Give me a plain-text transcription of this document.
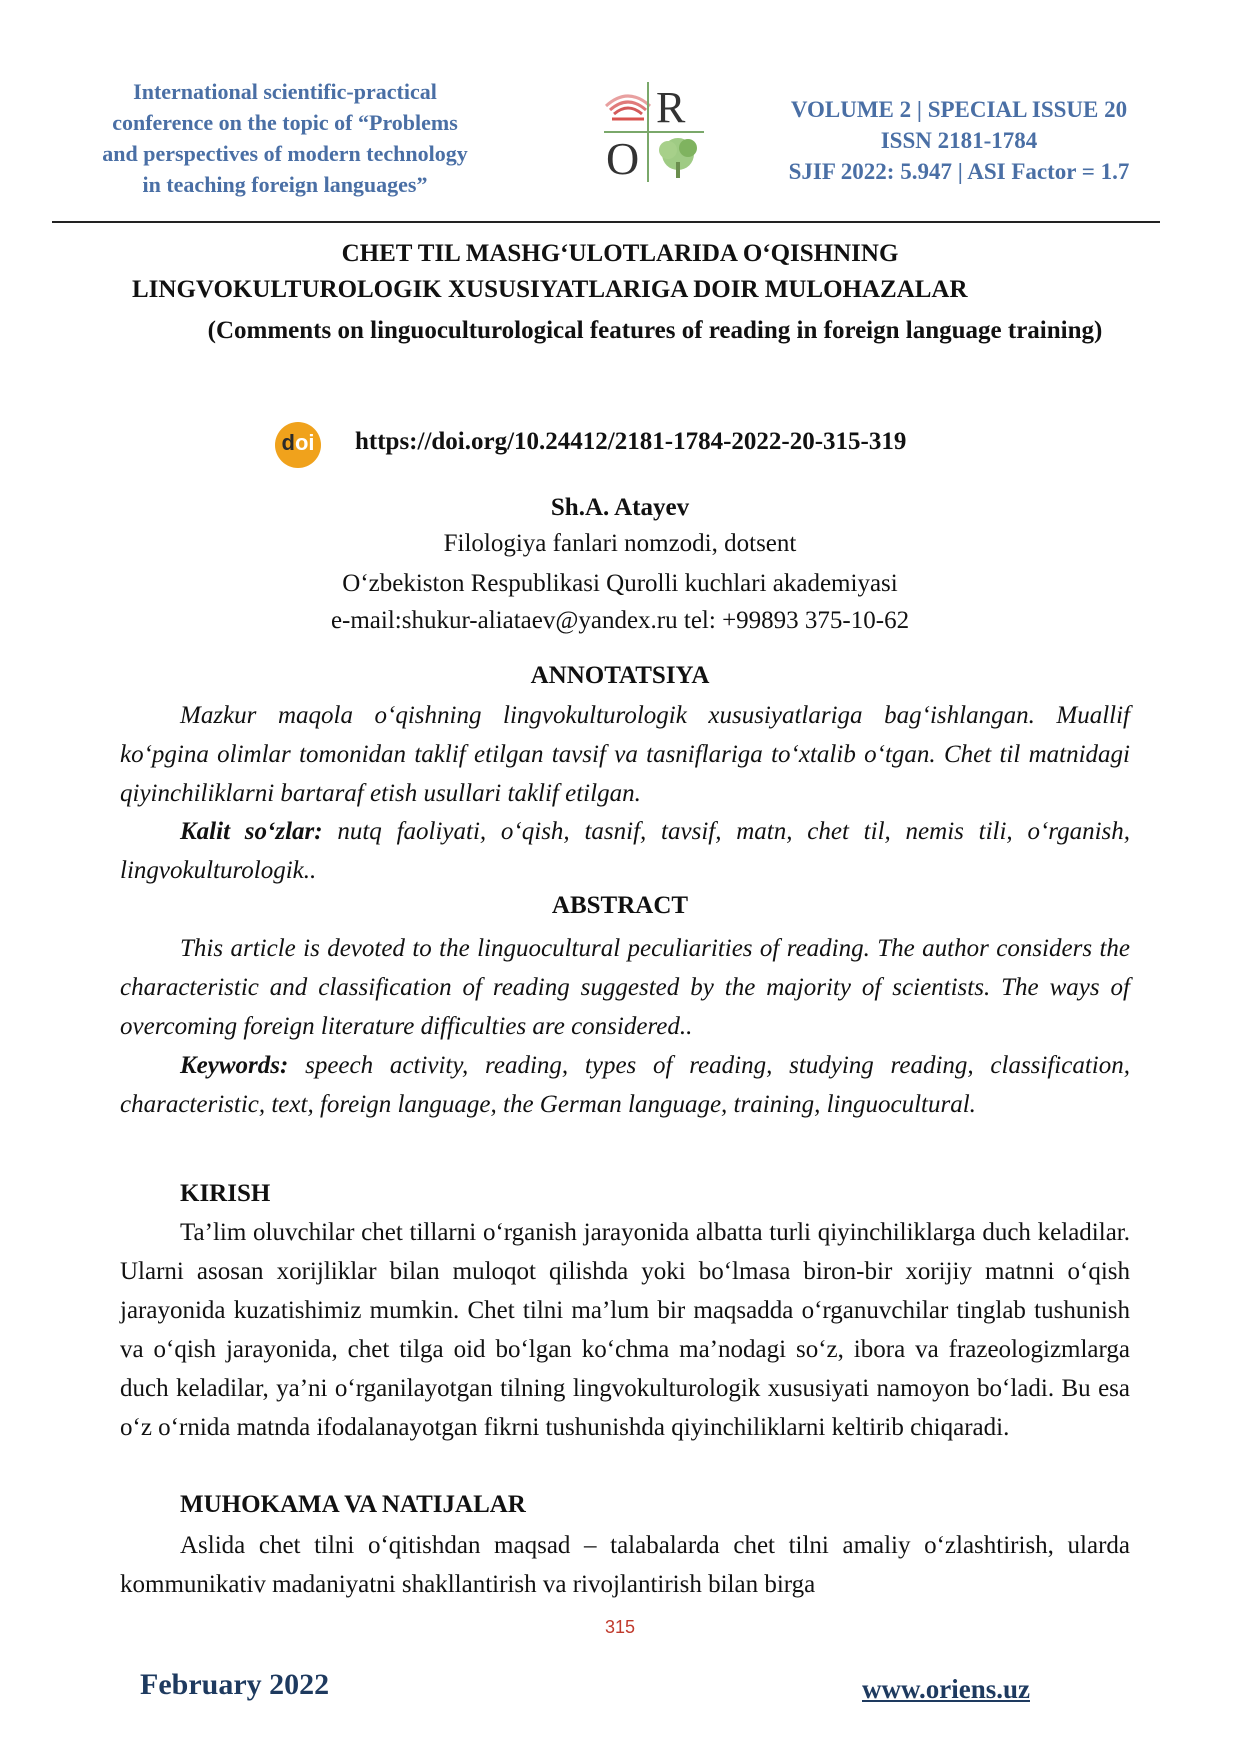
International scientific-practical
conference on the topic of “Problems
and perspectives of modern technology
in teaching foreign languages”
R
O
VOLUME 2 | SPECIAL ISSUE 20
ISSN 2181-1784
SJIF 2022: 5.947 | ASI Factor = 1.7
CHET TIL MASHG‘ULOTLARIDA O‘QISHNING
LINGVOKULTUROLOGIK XUSUSIYATLARIGA DOIR MULOHAZALAR
(Comments on linguoculturological features of reading in foreign language training)
doi https://doi.org/10.24412/2181-1784-2022-20-315-319
Sh.A. Atayev
Filologiya fanlari nomzodi, dotsent
O‘zbekiston Respublikasi Qurolli kuchlari akademiyasi
e-mail:shukur-aliataev@yandex.ru tel: +99893 375-10-62
ANNOTATSIYA
Mazkur maqola o‘qishning lingvokulturologik xususiyatlariga bag‘ishlangan. Muallif ko‘pgina olimlar tomonidan taklif etilgan tavsif va tasniflariga to‘xtalib o‘tgan. Chet til matnidagi qiyinchiliklarni bartaraf etish usullari taklif etilgan.
Kalit so‘zlar: nutq faoliyati, o‘qish, tasnif, tavsif, matn, chet til, nemis tili, o‘rganish, lingvokulturologik..
ABSTRACT
This article is devoted to the linguocultural peculiarities of reading. The author considers the characteristic and classification of reading suggested by the majority of scientists. The ways of overcoming foreign literature difficulties are considered..
Keywords: speech activity, reading, types of reading, studying reading, classification, characteristic, text, foreign language, the German language, training, linguocultural.
KIRISH
Ta’lim oluvchilar chet tillarni o‘rganish jarayonida albatta turli qiyinchiliklarga duch keladilar. Ularni asosan xorijliklar bilan muloqot qilishda yoki bo‘lmasa biron-bir xorijiy matnni o‘qish jarayonida kuzatishimiz mumkin. Chet tilni ma’lum bir maqsadda o‘rganuvchilar tinglab tushunish va o‘qish jarayonida, chet tilga oid bo‘lgan ko‘chma ma’nodagi so‘z, ibora va frazeologizmlarga duch keladilar, ya’ni o‘rganilayotgan tilning lingvokulturologik xususiyati namoyon bo‘ladi. Bu esa o‘z o‘rnida matnda ifodalanayotgan fikrni tushunishda qiyinchiliklarni keltirib chiqaradi.
MUHOKAMA VA NATIJALAR
Aslida chet tilni o‘qitishdan maqsad – talabalarda chet tilni amaliy o‘zlashtirish, ularda kommunikativ madaniyatni shakllantirish va rivojlantirish bilan birga
315
February 2022	www.oriens.uz
